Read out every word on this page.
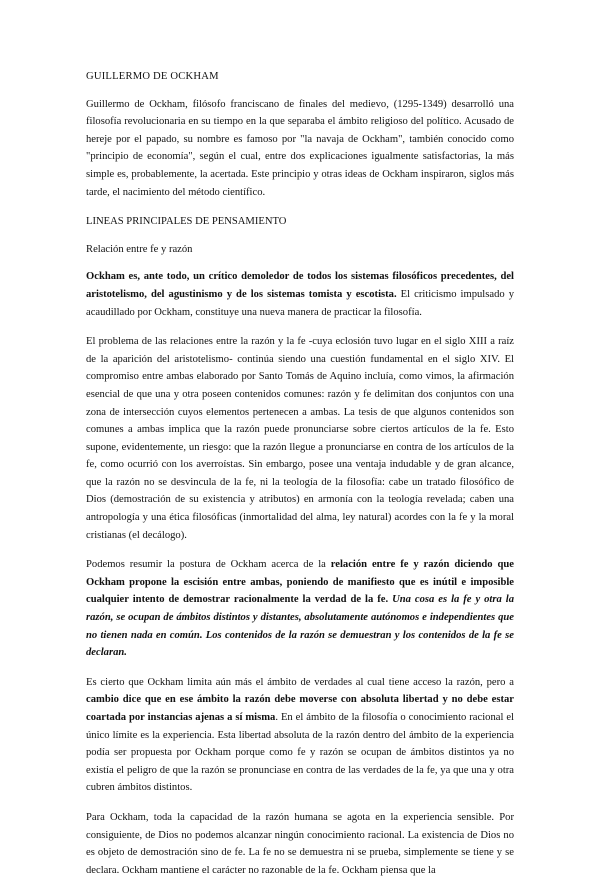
GUILLERMO DE OCKHAM

Guillermo de Ockham, filósofo franciscano de finales del medievo, (1295-1349) desarrolló una filosofía revolucionaria en su tiempo en la que separaba el ámbito religioso del político. Acusado de hereje por el papado, su nombre es famoso por "la navaja de Ockham", también conocido como "principio de economía", según el cual, entre dos explicaciones igualmente satisfactorias, la más simple es, probablemente, la acertada. Este principio y otras ideas de Ockham inspiraron, siglos más tarde, el nacimiento del método científico.

LINEAS PRINCIPALES DE PENSAMIENTO

Relación entre fe y razón

Ockham es, ante todo, un crítico demoledor de todos los sistemas filosóficos precedentes, del aristotelismo, del agustinismo y de los sistemas tomista y escotista. El criticismo impulsado y acaudillado por Ockham, constituye una nueva manera de practicar la filosofía.

El problema de las relaciones entre la razón y la fe -cuya eclosión tuvo lugar en el siglo XIII a raíz de la aparición del aristotelismo- continúa siendo una cuestión fundamental en el siglo XIV. El compromiso entre ambas elaborado por Santo Tomás de Aquino incluía, como vimos, la afirmación esencial de que una y otra poseen contenidos comunes: razón y fe delimitan dos conjuntos con una zona de intersección cuyos elementos pertenecen a ambas. La tesis de que algunos contenidos son comunes a ambas implica que la razón puede pronunciarse sobre ciertos artículos de la fe. Esto supone, evidentemente, un riesgo: que la razón llegue a pronunciarse en contra de los artículos de la fe, como ocurrió con los averroístas. Sin embargo, posee una ventaja indudable y de gran alcance, que la razón no se desvincula de la fe, ni la teología de la filosofía: cabe un tratado filosófico de Dios (demostración de su existencia y atributos) en armonía con la teología revelada; caben una antropología y una ética filosóficas (inmortalidad del alma, ley natural) acordes con la fe y la moral cristianas (el decálogo).

Podemos resumir la postura de Ockham acerca de la relación entre fe y razón diciendo que Ockham propone la escisión entre ambas, poniendo de manifiesto que es inútil e imposible cualquier intento de demostrar racionalmente la verdad de la fe. Una cosa es la fe y otra la razón, se ocupan de ámbitos distintos y distantes, absolutamente autónomos e independientes que no tienen nada en común. Los contenidos de la razón se demuestran y los contenidos de la fe se declaran.

Es cierto que Ockham limita aún más el ámbito de verdades al cual tiene acceso la razón, pero a cambio dice que en ese ámbito la razón debe moverse con absoluta libertad y no debe estar coartada por instancias ajenas a sí misma. En el ámbito de la filosofía o conocimiento racional el único límite es la experiencia. Esta libertad absoluta de la razón dentro del ámbito de la experiencia podía ser propuesta por Ockham porque como fe y razón se ocupan de ámbitos distintos ya no existía el peligro de que la razón se pronunciase en contra de las verdades de la fe, ya que una y otra cubren ámbitos distintos.

Para Ockham, toda la capacidad de la razón humana se agota en la experiencia sensible. Por consiguiente, de Dios no podemos alcanzar ningún conocimiento racional. La existencia de Dios no es objeto de demostración sino de fe. La fe no se demuestra ni se prueba, simplemente se tiene y se declara. Ockham mantiene el carácter no razonable de la fe. Ockham piensa que la
